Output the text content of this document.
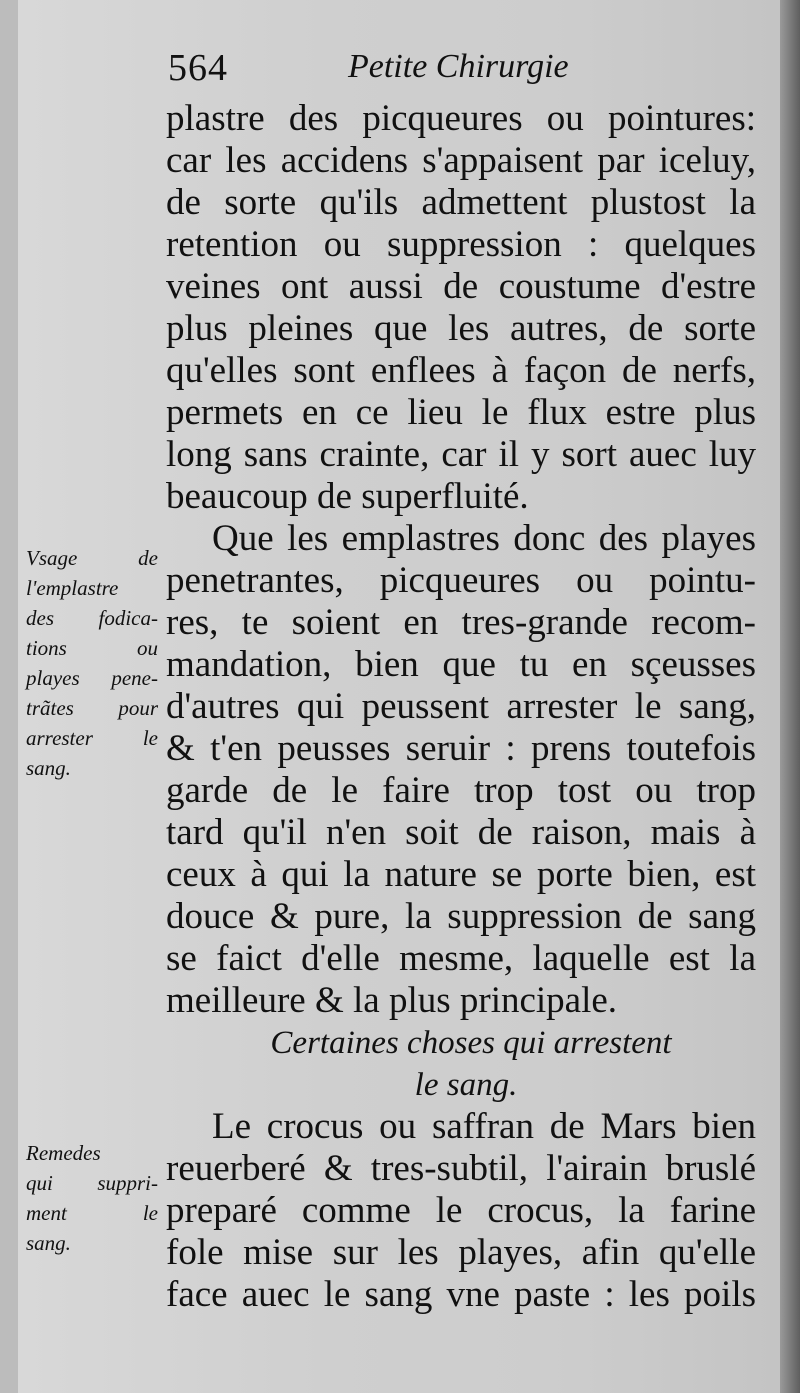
564	Petite Chirurgie
Vsage de
l'emplastre
des fodica-
tions ou
playes pene-
trãtes pour
arrester le
sang.
Remedes
qui suppri-
ment le
sang.
plastre des picqueures ou pointures:
car les accidens s'appaisent par iceluy,
de sorte qu'ils admettent plustost la
retention ou suppression : quelques
veines ont aussi de coustume d'estre
plus pleines que les autres, de sorte
qu'elles sont enflees à façon de nerfs,
permets en ce lieu le flux estre plus
long sans crainte, car il y sort auec luy
beaucoup de superfluité.
Que les emplastres donc des playes
penetrantes, picqueures ou pointu-
res, te soient en tres-grande recom-
mandation, bien que tu en sçeusses
d'autres qui peussent arrester le sang,
& t'en peusses seruir : prens toutefois
garde de le faire trop tost ou trop
tard qu'il n'en soit de raison, mais à
ceux à qui la nature se porte bien, est
douce & pure, la suppression de sang
se faict d'elle mesme, laquelle est la
meilleure & la plus principale.
Certaines choses qui arrestent
le sang.
Le crocus ou saffran de Mars bien
reuerberé & tres-subtil, l'airain bruslé
preparé comme le crocus, la farine
fole mise sur les playes, afin qu'elle
face auec le sang vne paste : les poils
